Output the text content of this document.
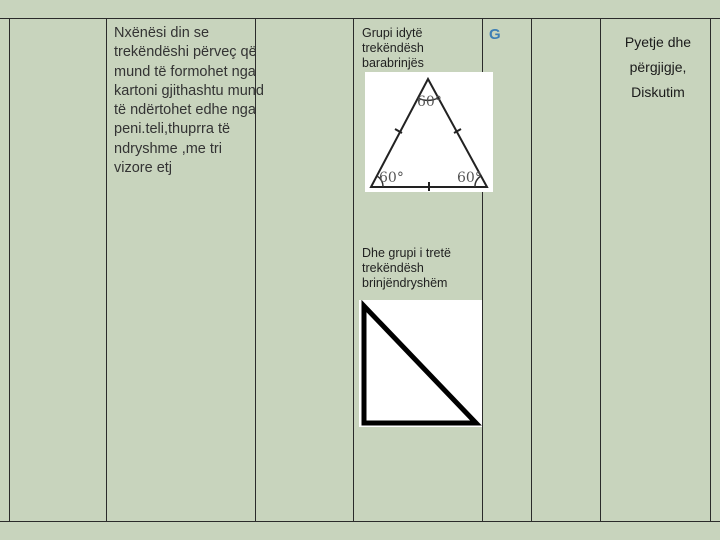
Nxënësi din se trekëndëshi përveç që mund të formohet nga kartoni gjithashtu mund të ndërtohet edhe nga peni.teli,thuprra të ndryshme ,me tri vizore etj
Grupi idytë
trekëndësh
barabrinjës
60°
60°	60°
Dhe grupi i tretë
trekëndësh
brinjëndryshëm
G	Pyetje dhe
përgjigje,
Diskutim
